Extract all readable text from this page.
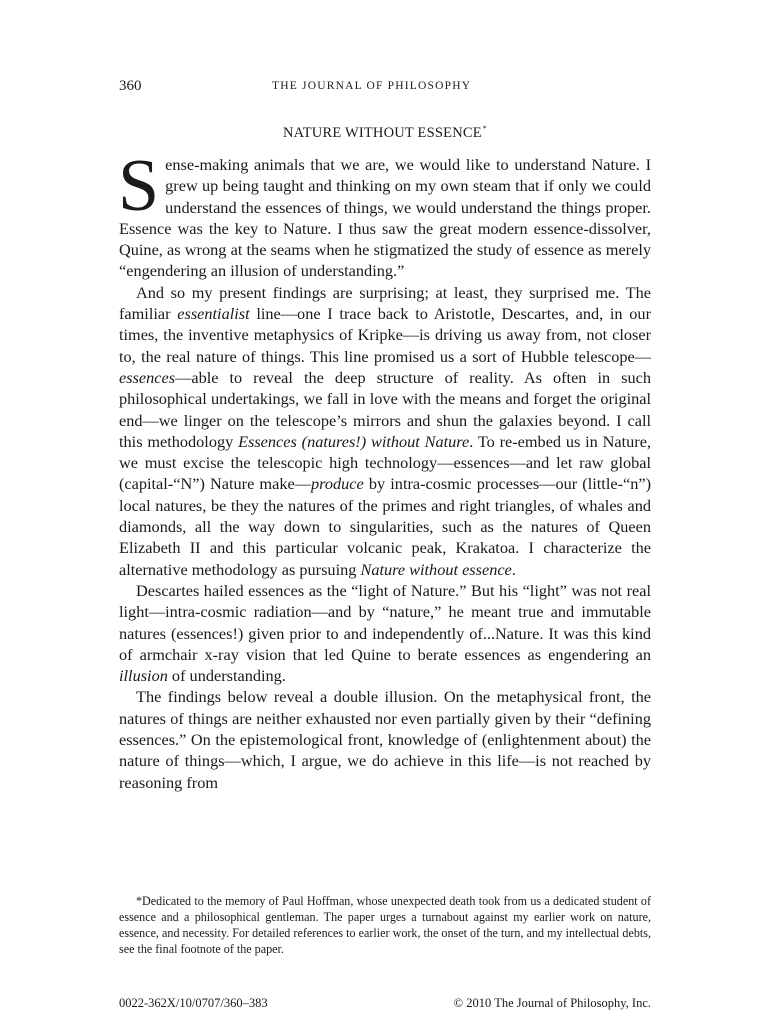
360	THE JOURNAL OF PHILOSOPHY
NATURE WITHOUT ESSENCE*

Sense-making animals that we are, we would like to understand Nature. I grew up being taught and thinking on my own steam that if only we could understand the essences of things, we would understand the things proper. Essence was the key to Nature. I thus saw the great modern essence-dissolver, Quine, as wrong at the seams when he stigmatized the study of essence as merely “engendering an illusion of understanding.”

And so my present findings are surprising; at least, they surprised me. The familiar essentialist line—one I trace back to Aristotle, Descartes, and, in our times, the inventive metaphysics of Kripke—is driving us away from, not closer to, the real nature of things. This line promised us a sort of Hubble telescope—essences—able to reveal the deep structure of reality. As often in such philosophical undertakings, we fall in love with the means and forget the original end—we linger on the telescope’s mirrors and shun the galaxies beyond. I call this methodology Essences (natures!) without Nature. To re-embed us in Nature, we must excise the telescopic high technology—essences—and let raw global (capital-“N”) Nature make—produce by intra-cosmic processes—our (little-“n”) local natures, be they the natures of the primes and right triangles, of whales and diamonds, all the way down to singularities, such as the natures of Queen Elizabeth II and this particular volcanic peak, Krakatoa. I characterize the alternative methodology as pursuing Nature without essence.

Descartes hailed essences as the “light of Nature.” But his “light” was not real light—intra-cosmic radiation—and by “nature,” he meant true and immutable natures (essences!) given prior to and independently of...Nature. It was this kind of armchair x-ray vision that led Quine to berate essences as engendering an illusion of understanding.

The findings below reveal a double illusion. On the metaphysical front, the natures of things are neither exhausted nor even partially given by their “defining essences.” On the epistemological front, knowledge of (enlightenment about) the nature of things—which, I argue, we do achieve in this life—is not reached by reasoning from

*Dedicated to the memory of Paul Hoffman, whose unexpected death took from us a dedicated student of essence and a philosophical gentleman. The paper urges a turnabout against my earlier work on nature, essence, and necessity. For detailed references to earlier work, the onset of the turn, and my intellectual debts, see the final footnote of the paper.

0022-362X/10/0707/360–383	© 2010 The Journal of Philosophy, Inc.
